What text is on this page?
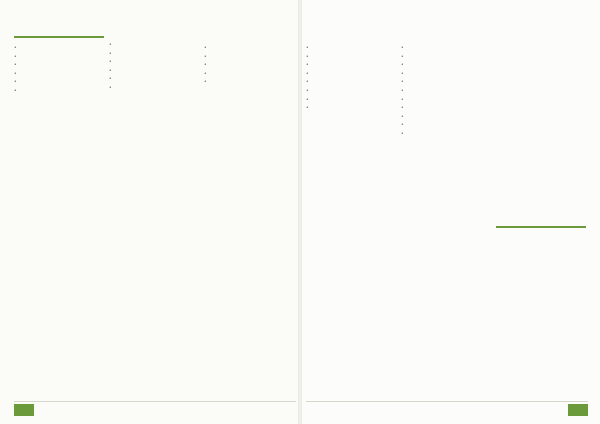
•

•

•

•

•

•

•

•

•

•

•

•

•

•

•

•

•

•

•

•

•

•

•

•

•

•

•

•

•

•

•

•

•

•

•

•
